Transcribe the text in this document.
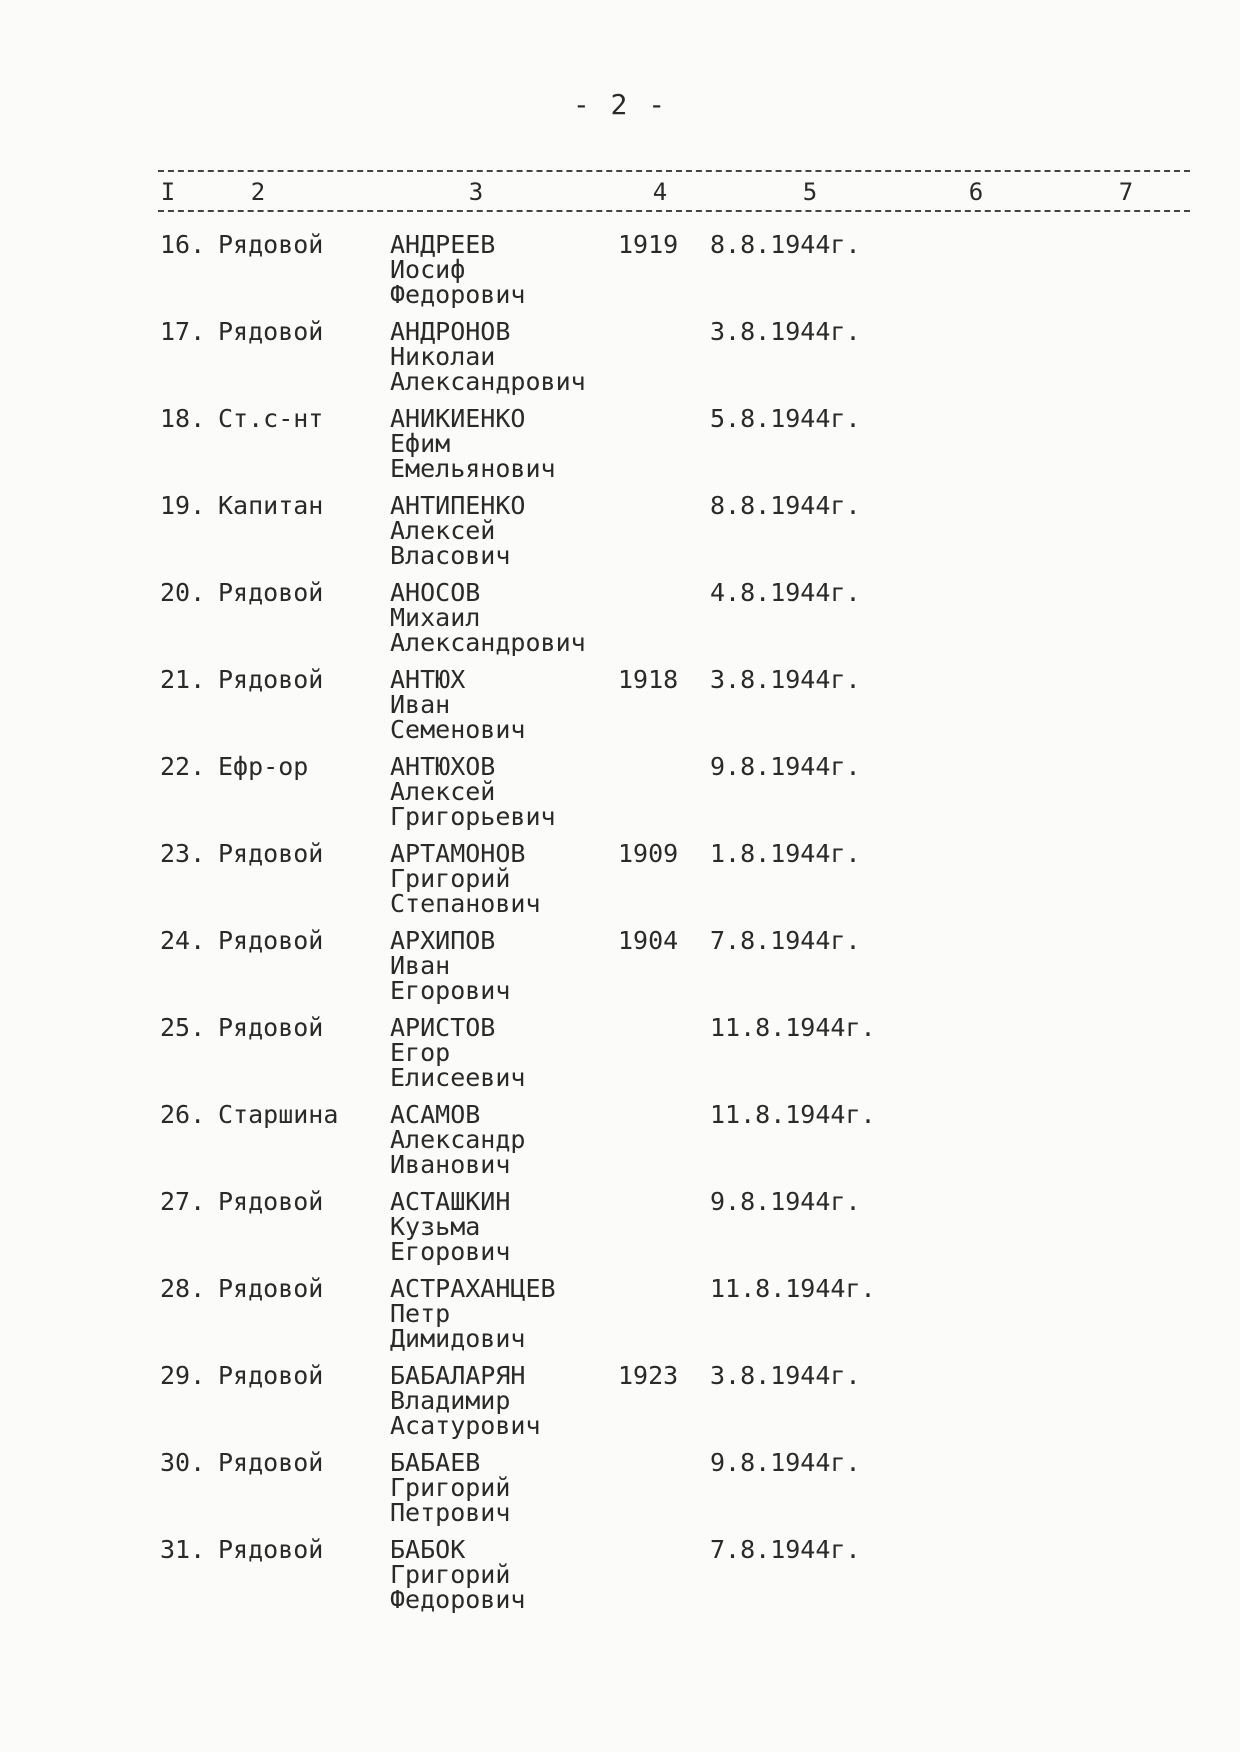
- 2 -
I	2	3	4	5	6	7
16. Рядовой	АНДРЕЕВ
Иосиф
Федорович
1919 8.8.1944г.
17. Рядовой	АНДРОНОВ
Николаи
Александрович
3.8.1944г.
18. Ст.с-нт	АНИКИЕНКО
Ефим
Емельянович
5.8.1944г.
19. Капитан	АНТИПЕНКО
Алексей
Власович
8.8.1944г.
20. Рядовой	АНОСОВ
Михаил
Александрович
4.8.1944г.
21. Рядовой	АНТЮХ
Иван
Семенович
1918 3.8.1944г.
22. Ефр-ор	АНТЮХОВ
Алексей
Григорьевич
9.8.1944г.
23. Рядовой	АРТАМОНОВ
Григорий
Степанович
1909 1.8.1944г.
24. Рядовой	АРХИПОВ
Иван
Егорович
1904 7.8.1944г.
25. Рядовой	АРИСТОВ
Егор
Елисеевич
11.8.1944г.
26. Старшина АСАМОВ
Александр
Иванович
11.8.1944г.
27. Рядовой	АСТАШКИН
Кузьма
Егорович
9.8.1944г.
28. Рядовой	АСТРАХАНЦЕВ
Петр
Димидович
11.8.1944г.
29. Рядовой	БАБАЛАРЯН
Владимир
Асатурович
1923 3.8.1944г.
30. Рядовой	БАБАЕВ
Григорий
Петрович
9.8.1944г.
31. Рядовой	БАБОК
Григорий
Федорович
7.8.1944г.
